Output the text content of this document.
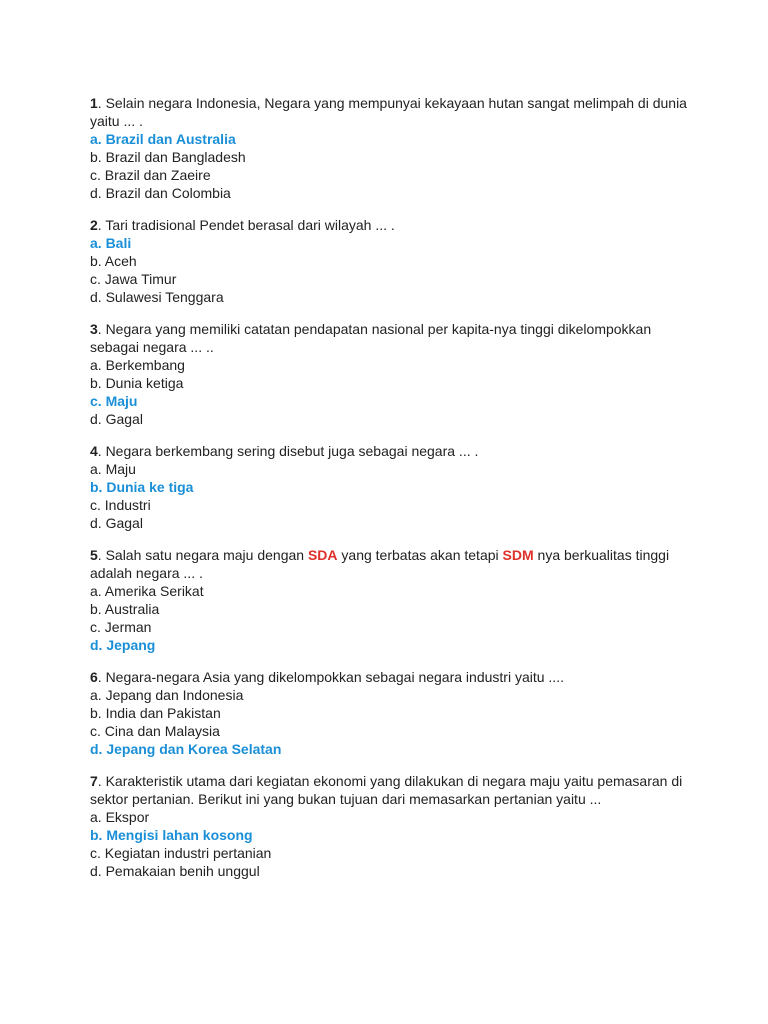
1. Selain negara Indonesia, Negara yang mempunyai kekayaan hutan sangat melimpah di dunia yaitu ... .
a. Brazil dan Australia
b. Brazil dan Bangladesh
c. Brazil dan Zaeire
d. Brazil dan Colombia
2. Tari tradisional Pendet berasal dari wilayah ... .
a. Bali
b. Aceh
c. Jawa Timur
d. Sulawesi Tenggara
3. Negara yang memiliki catatan pendapatan nasional per kapita-nya tinggi dikelompokkan sebagai negara ... ..
a. Berkembang
b. Dunia ketiga
c. Maju
d. Gagal
4. Negara berkembang sering disebut juga sebagai negara ... .
a. Maju
b. Dunia ke tiga
c. Industri
d. Gagal
5. Salah satu negara maju dengan SDA yang terbatas akan tetapi SDM nya berkualitas tinggi adalah negara ... .
a. Amerika Serikat
b. Australia
c. Jerman
d. Jepang
6. Negara-negara Asia yang dikelompokkan sebagai negara industri yaitu ....
a. Jepang dan Indonesia
b. India dan Pakistan
c. Cina dan Malaysia
d. Jepang dan Korea Selatan
7. Karakteristik utama dari kegiatan ekonomi yang dilakukan di negara maju yaitu pemasaran di sektor pertanian. Berikut ini yang bukan tujuan dari memasarkan pertanian yaitu ...
a. Ekspor
b. Mengisi lahan kosong
c. Kegiatan industri pertanian
d. Pemakaian benih unggul
